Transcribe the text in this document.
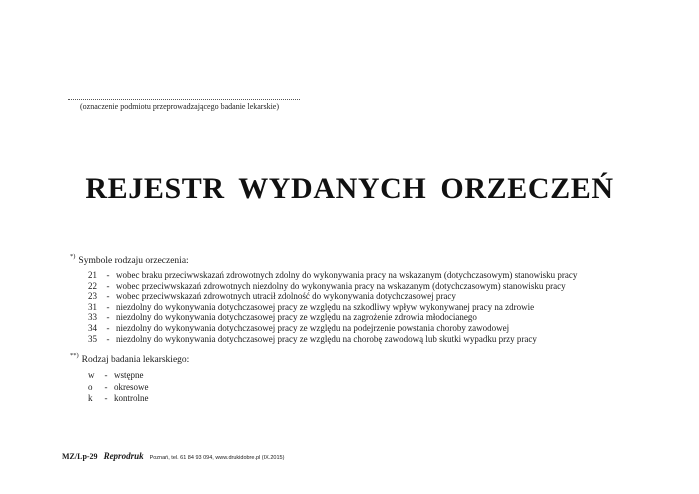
(oznaczenie podmiotu przeprowadzającego badanie lekarskie)
REJESTR WYDANYCH ORZECZEŃ
*) Symbole rodzaju orzeczenia:
21 - wobec braku przeciwwskazań zdrowotnych zdolny do wykonywania pracy na wskazanym (dotychczasowym) stanowisku pracy
22 - wobec przeciwwskazań zdrowotnych niezdolny do wykonywania pracy na wskazanym (dotychczasowym) stanowisku pracy
23 - wobec przeciwwskazań zdrowotnych utracił zdolność do wykonywania dotychczasowej pracy
31 - niezdolny do wykonywania dotychczasowej pracy ze względu na szkodliwy wpływ wykonywanej pracy na zdrowie
33 - niezdolny do wykonywania dotychczasowej pracy ze względu na zagrożenie zdrowia młodocianego
34 - niezdolny do wykonywania dotychczasowej pracy ze względu na podejrzenie powstania choroby zawodowej
35 - niezdolny do wykonywania dotychczasowej pracy ze względu na chorobę zawodową lub skutki wypadku przy pracy
**) Rodzaj badania lekarskiego:
w - wstępne
o - okresowe
k - kontrolne
MZ/Lp-29 Reprodruk Poznań, tel. 61 84 93 094, www.drukidobre.pl (IX.2015)
